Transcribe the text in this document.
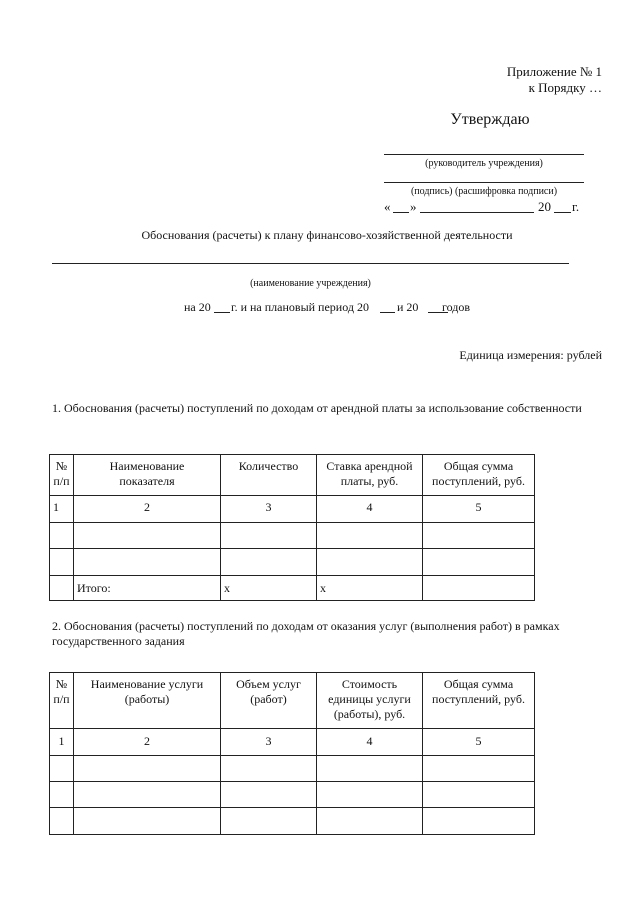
Приложение № 1
к Порядку …
Утверждаю
(руководитель учреждения)
(подпись) (расшифровка подписи)
« »	20 г.
Обоснования (расчеты) к плану финансово-хозяйственной деятельности
(наименование учреждения)
на 20 г. и на плановый период 20 и 20 годов
Единица измерения: рублей
1. Обоснования (расчеты) поступлений по доходам от арендной платы за использование собственности
№ п/п	Наименование показателя	Количество	Ставка арендной платы, руб.	Общая сумма поступлений, руб.
1	2	3	4	5

	Итого:	x	x	
2. Обоснования (расчеты) поступлений по доходам от оказания услуг (выполнения работ) в рамках государственного задания
№ п/п	Наименование услуги (работы)	Объем услуг (работ)	Стоимость единицы услуги (работы), руб.	Общая сумма поступлений, руб.
1	2	3	4	5
